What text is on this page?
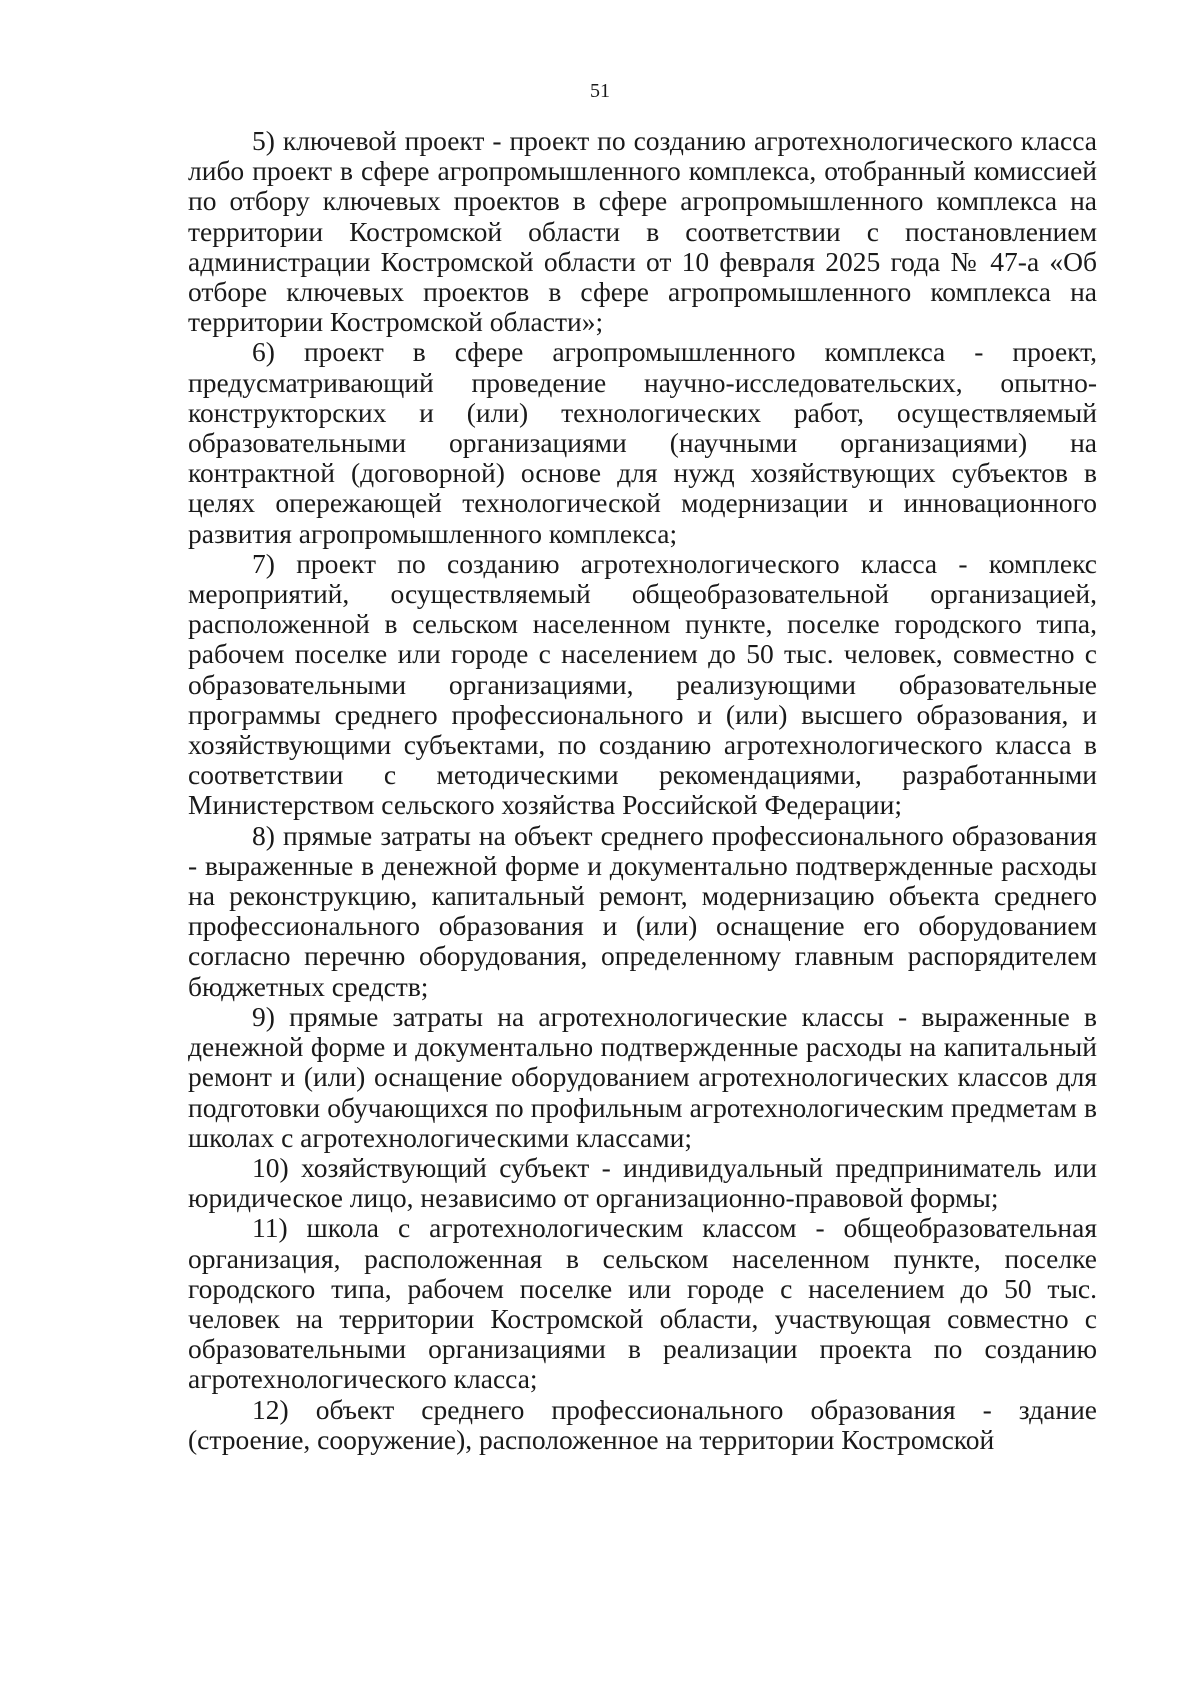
51

5) ключевой проект - проект по созданию агротехнологического класса либо проект в сфере агропромышленного комплекса, отобранный комиссией по отбору ключевых проектов в сфере агропромышленного комплекса на территории Костромской области в соответствии с постановлением администрации Костромской области от 10 февраля 2025 года № 47-а «Об отборе ключевых проектов в сфере агропромышленного комплекса на территории Костромской области»;

6) проект в сфере агропромышленного комплекса - проект, предусматривающий проведение научно-исследовательских, опытно-конструкторских и (или) технологических работ, осуществляемый образовательными организациями (научными организациями) на контрактной (договорной) основе для нужд хозяйствующих субъектов в целях опережающей технологической модернизации и инновационного развития агропромышленного комплекса;

7) проект по созданию агротехнологического класса - комплекс мероприятий, осуществляемый общеобразовательной организацией, расположенной в сельском населенном пункте, поселке городского типа, рабочем поселке или городе с населением до 50 тыс. человек, совместно с образовательными организациями, реализующими образовательные программы среднего профессионального и (или) высшего образования, и хозяйствующими субъектами, по созданию агротехнологического класса в соответствии с методическими рекомендациями, разработанными Министерством сельского хозяйства Российской Федерации;

8) прямые затраты на объект среднего профессионального образования - выраженные в денежной форме и документально подтвержденные расходы на реконструкцию, капитальный ремонт, модернизацию объекта среднего профессионального образования и (или) оснащение его оборудованием согласно перечню оборудования, определенному главным распорядителем бюджетных средств;

9) прямые затраты на агротехнологические классы - выраженные в денежной форме и документально подтвержденные расходы на капитальный ремонт и (или) оснащение оборудованием агротехнологических классов для подготовки обучающихся по профильным агротехнологическим предметам в школах с агротехнологическими классами;

10) хозяйствующий субъект - индивидуальный предприниматель или юридическое лицо, независимо от организационно-правовой формы;

11) школа с агротехнологическим классом - общеобразовательная организация, расположенная в сельском населенном пункте, поселке городского типа, рабочем поселке или городе с населением до 50 тыс. человек на территории Костромской области, участвующая совместно с образовательными организациями в реализации проекта по созданию агротехнологического класса;

12) объект среднего профессионального образования - здание (строение, сооружение), расположенное на территории Костромской
